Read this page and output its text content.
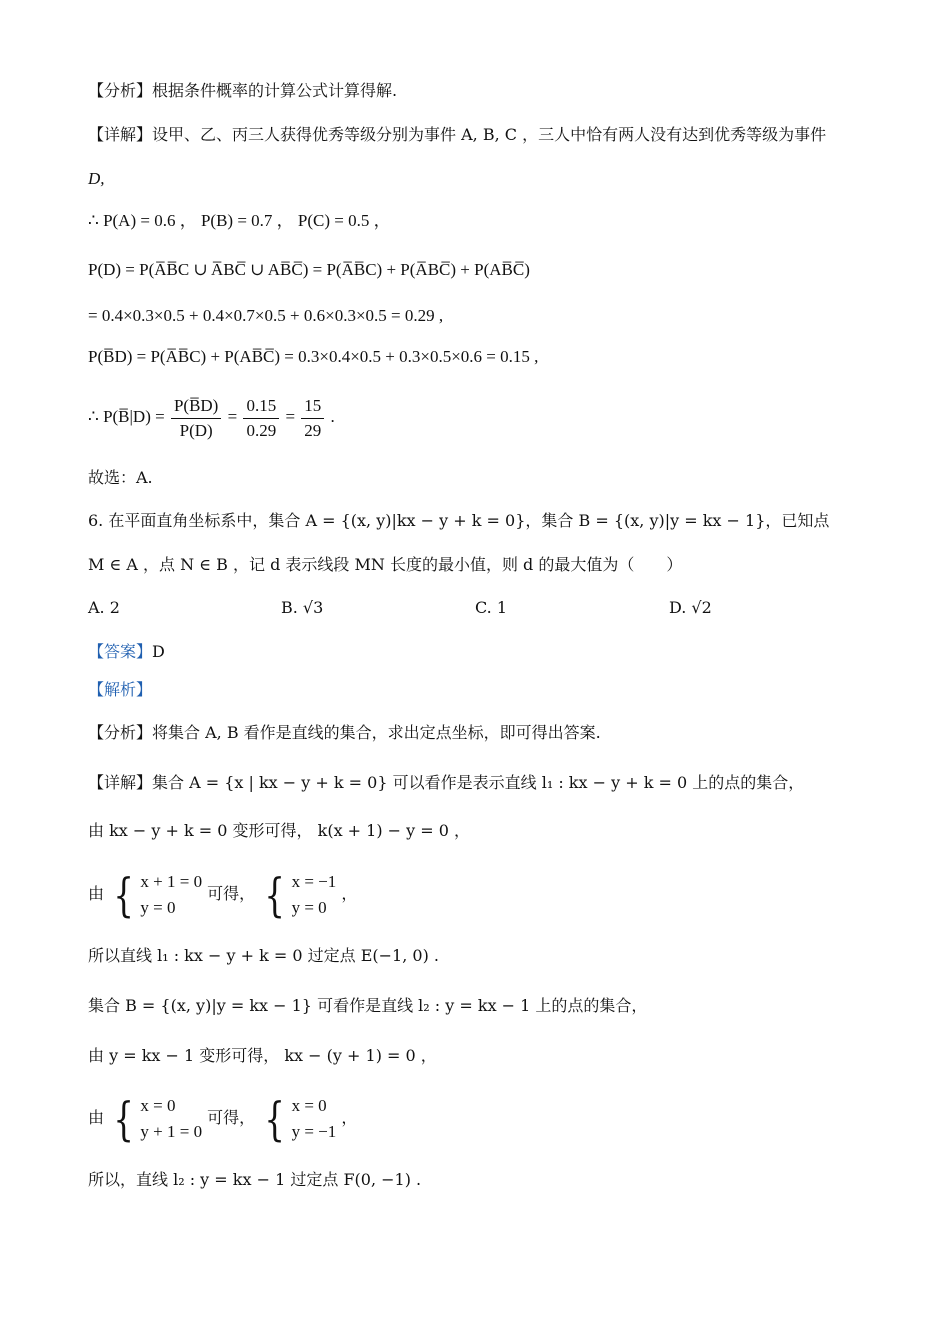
【分析】根据条件概率的计算公式计算得解.
【详解】设甲、乙、丙三人获得优秀等级分别为事件 A, B, C ，三人中恰有两人没有达到优秀等级为事件
D,
∴ P(A) = 0.6 ， P(B) = 0.7 ， P(C) = 0.5 ，
P(D) = P(A̅B̅C ∪ A̅BC̅ ∪ AB̅C̅) = P(A̅B̅C) + P(A̅BC̅) + P(AB̅C̅)
= 0.4×0.3×0.5 + 0.4×0.7×0.5 + 0.6×0.3×0.5 = 0.29 ,
P(B̅D) = P(A̅B̅C) + P(AB̅C̅) = 0.3×0.4×0.5 + 0.3×0.5×0.6 = 0.15 ,
∴ P(B̅|D) = $\frac{P(B̅D)}{P(D)} = \frac{0.15}{0.29} = \frac{15}{29}$ .
故选：A.
6. 在平面直角坐标系中，集合 A = {(x, y)|kx − y + k = 0}，集合 B = {(x, y)|y = kx − 1}，已知点
M ∈ A ，点 N ∈ B ，记 d 表示线段 MN 长度的最小值，则 d 的最大值为（　　）
A. 2	B. √3	C. 1	D. √2
【答案】D
【解析】
【分析】将集合 A, B 看作是直线的集合，求出定点坐标，即可得出答案.
【详解】集合 A = {x | kx − y + k = 0} 可以看作是表示直线 l₁ : kx − y + k = 0 上的点的集合，
由 kx − y + k = 0 变形可得， k(x + 1) − y = 0 ，
由 { x + 1 = 0
y = 0
可得， { x = −1
y = 0
，
所以直线 l₁ : kx − y + k = 0 过定点 E(−1, 0) .
集合 B = {(x, y)|y = kx − 1} 可看作是直线 l₂ : y = kx − 1 上的点的集合，
由 y = kx − 1 变形可得， kx − (y + 1) = 0 ，
由 { x = 0
y + 1 = 0
可得， { x = 0
y = −1
，
所以，直线 l₂ : y = kx − 1 过定点 F(0, −1) .
